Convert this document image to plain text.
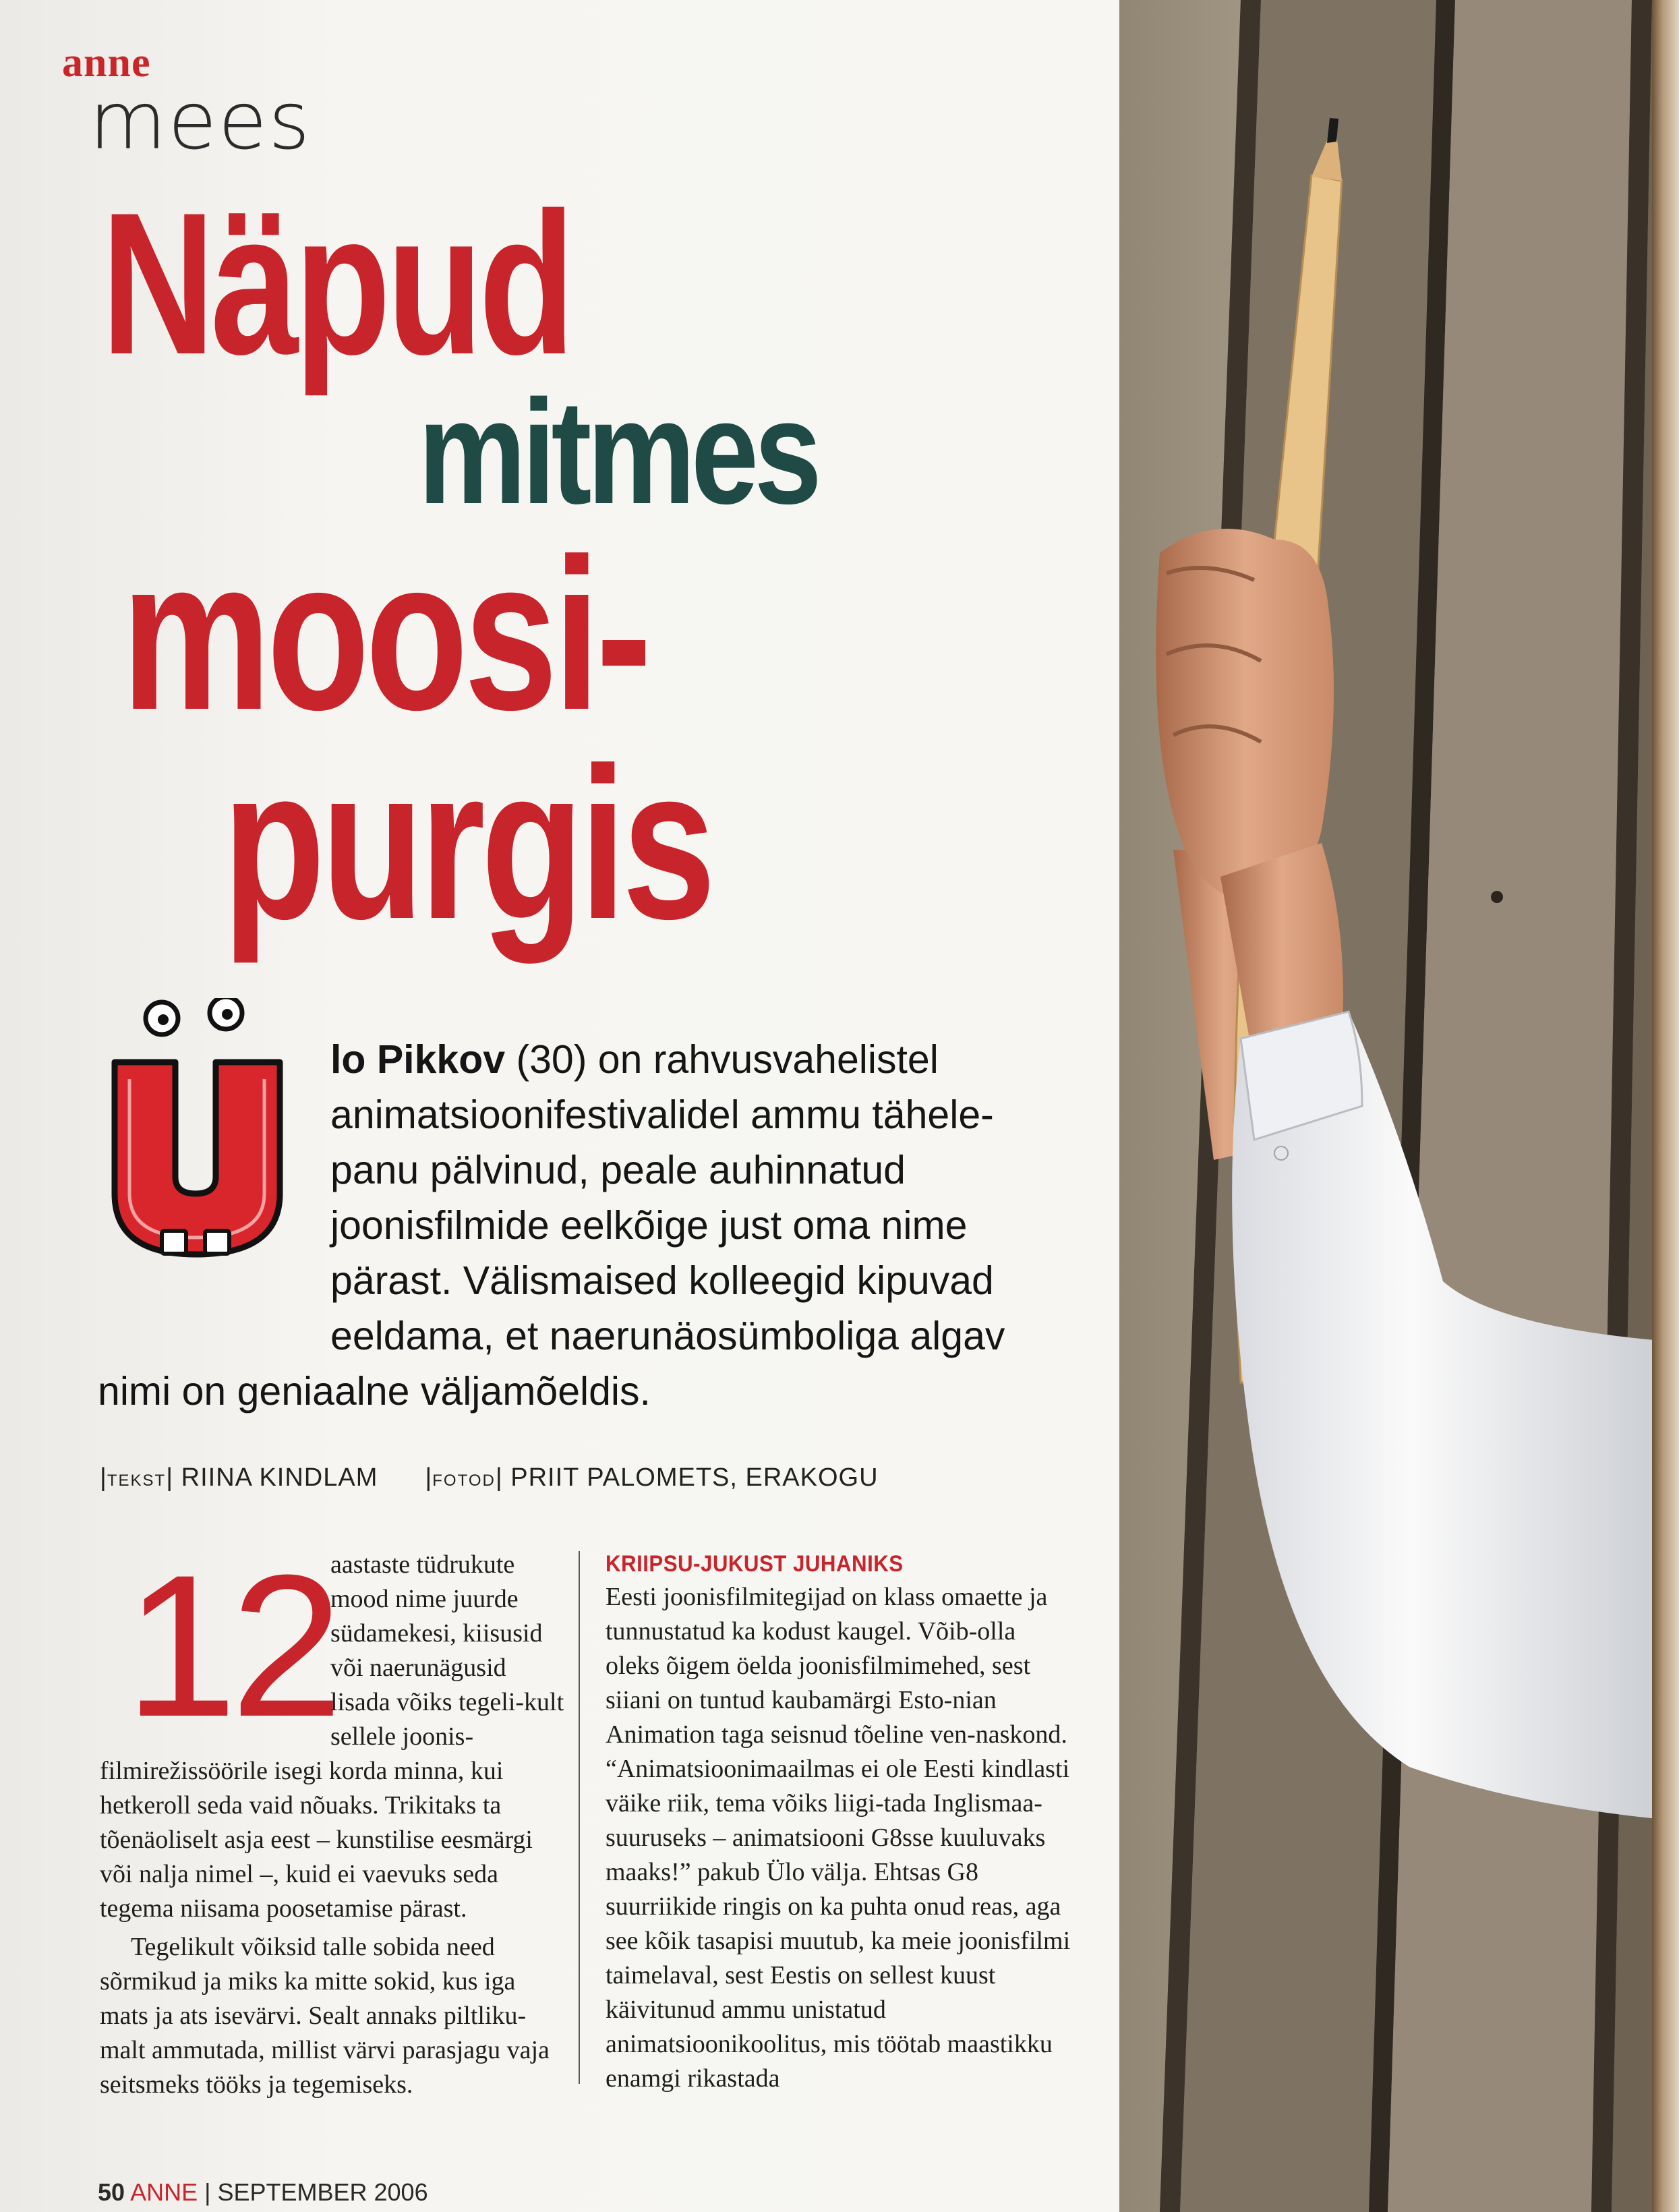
anne
mees
Näpud
mitmes
moosi-
purgis
lo Pikkov (30) on rahvusvahelistel animatsioonifestivalidel ammu tähele-panu pälvinud, peale auhinnatud joonisfilmide eelkõige just oma nime pärast. Välismaised kolleegid kipuvad eeldama, et naerunäosümboliga algav nimi on geniaalne väljamõeldis.
|TEKST| RIINA KINDLAM |FOTOD| PRIIT PALOMETS, ERAKOGU
12

aastaste tüdrukute mood nime juurde südamekesi, kiisusid või naerunägusid lisada võiks tegeli-kult sellele joonis-filmirežissöörile isegi korda minna, kui hetkeroll seda vaid nõuaks. Trikitaks ta tõenäoliselt asja eest – kunstilise eesmärgi või nalja nimel –, kuid ei vaevuks seda tegema niisama poosetamise pärast.

Tegelikult võiksid talle sobida need sõrmikud ja miks ka mitte sokid, kus iga mats ja ats isevärvi. Sealt annaks piltliku-malt ammutada, millist värvi parasjagu vaja seitsmeks tööks ja tegemiseks.

KRIIPSU-JUKUST JUHANIKS

Eesti joonisfilmitegijad on klass omaette ja tunnustatud ka kodust kaugel. Võib-olla oleks õigem öelda joonisfilmimehed, sest siiani on tuntud kaubamärgi Esto-nian Animation taga seisnud tõeline ven-naskond. “Animatsioonimaailmas ei ole Eesti kindlasti väike riik, tema võiks liigi-tada Inglismaa-suuruseks – animatsiooni G8sse kuuluvaks maaks!” pakub Ülo välja. Ehtsas G8 suurriikide ringis on ka puhta onud reas, aga see kõik tasapisi muutub, ka meie joonisfilmi taimelaval, sest Eestis on sellest kuust käivitunud ammu unistatud animatsioonikoolitus, mis töötab maastikku enamgi rikastada

50 ANNE | SEPTEMBER 2006
